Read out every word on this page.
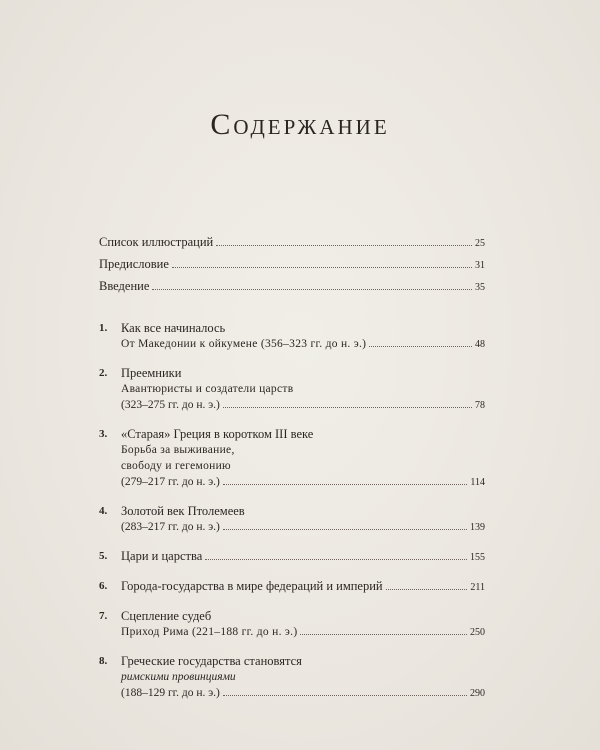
Содержание
Список иллюстраций	25
Предисловие	31
Введение	35
1.	Как все начиналось
От Македонии к ойкумене (356–323 гг. до н. э.)	48
2.	Преемники
Авантюристы и создатели царств
(323–275 гг. до н. э.)	78
3.	«Старая» Греция в коротком III веке
Борьба за выживание,
свободу и гегемонию
(279–217 гг. до н. э.)	114
4.	Золотой век Птолемеев
(283–217 гг. до н. э.)	139
5.	Цари и царства	155
6.	Города-государства в мире федераций и империй	211
7.	Сцепление судеб
Приход Рима (221–188 гг. до н. э.)	250
8.	Греческие государства становятся
римскими провинциями
(188–129 гг. до н. э.)	290
